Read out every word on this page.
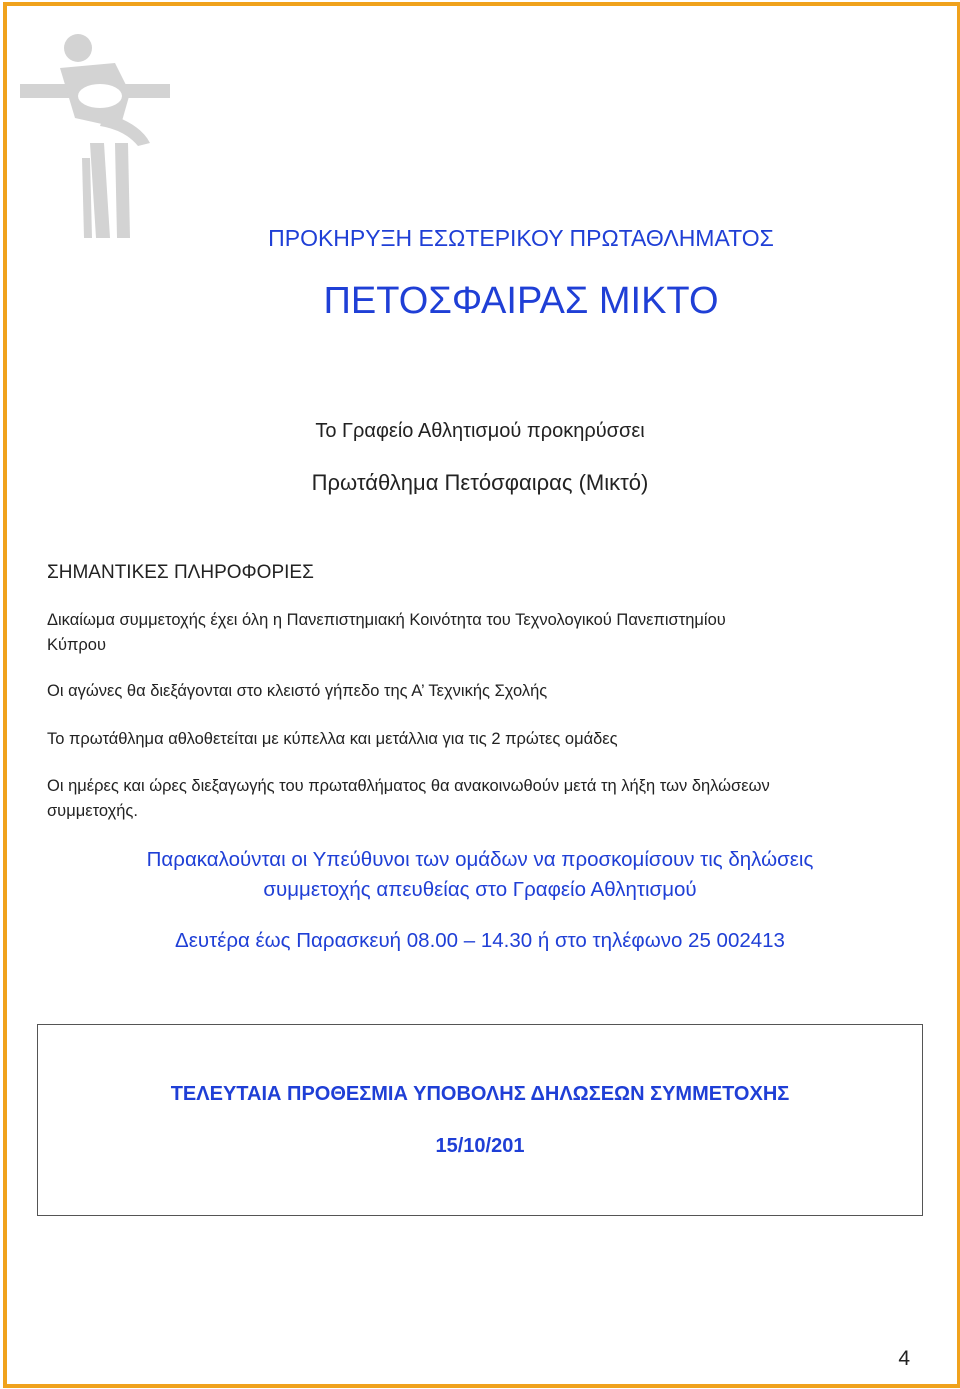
ΠΡΟΚΗΡΥΞΗ ΕΣΩΤΕΡΙΚΟΥ ΠΡΩΤΑΘΛΗΜΑΤΟΣ
ΠΕΤΟΣΦΑΙΡΑΣ ΜΙΚΤΟ
Το Γραφείο Αθλητισμού προκηρύσσει
Πρωτάθλημα Πετόσφαιρας (Μικτό)
ΣΗΜΑΝΤΙΚΕΣ ΠΛΗΡΟΦΟΡΙΕΣ
Δικαίωμα συμμετοχής έχει όλη η Πανεπιστημιακή Κοινότητα του Τεχνολογικού Πανεπιστημίου
Κύπρου
Οι αγώνες θα διεξάγονται στο κλειστό γήπεδο της Α’ Τεχνικής Σχολής
Το πρωτάθλημα αθλοθετείται με κύπελλα και μετάλλια για τις 2 πρώτες ομάδες
Οι ημέρες και ώρες διεξαγωγής του πρωταθλήματος θα ανακοινωθούν μετά τη λήξη των δηλώσεων
συμμετοχής.
Παρακαλούνται οι Υπεύθυνοι των ομάδων να προσκομίσουν τις δηλώσεις
συμμετοχής απευθείας στο Γραφείο Αθλητισμού
Δευτέρα έως Παρασκευή 08.00 – 14.30 ή στο τηλέφωνο 25 002413
ΤΕΛΕΥΤΑΙΑ ΠΡΟΘΕΣΜΙΑ ΥΠΟΒΟΛΗΣ ΔΗΛΩΣΕΩΝ ΣΥΜΜΕΤΟΧΗΣ
15/10/201
4
